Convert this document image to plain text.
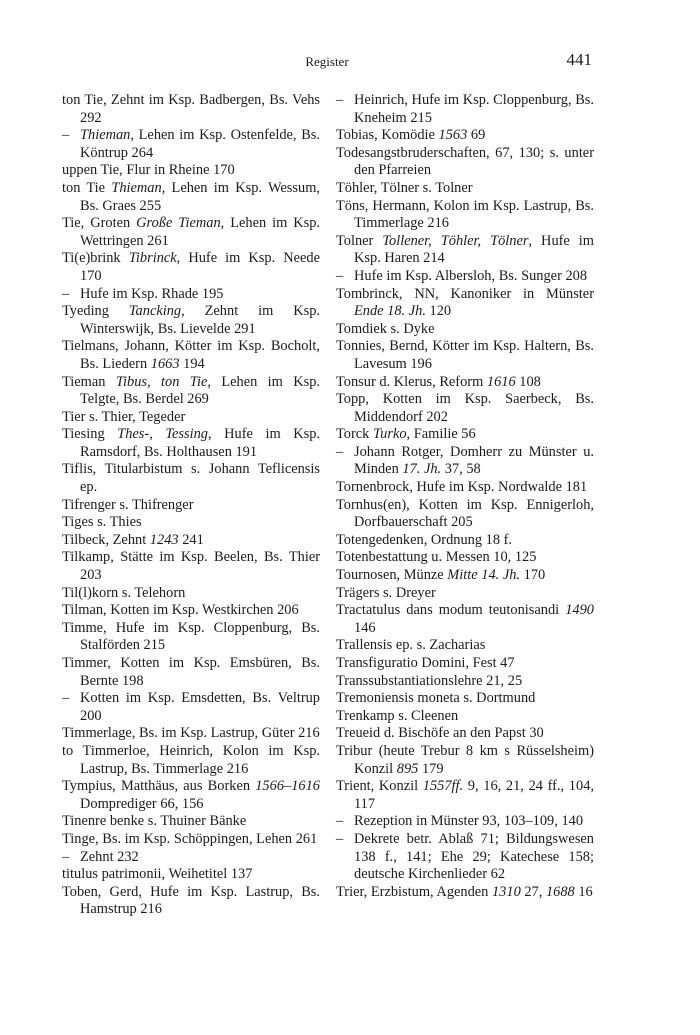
Register	441

ton Tie, Zehnt im Ksp. Badbergen, Bs. Vehs 292

– Thieman, Lehen im Ksp. Ostenfelde, Bs. Köntrup 264

uppen Tie, Flur in Rheine 170

ton Tie Thieman, Lehen im Ksp. Wessum, Bs. Graes 255

Tie, Groten Große Tieman, Lehen im Ksp. Wettringen 261

Ti(e)brink Tibrinck, Hufe im Ksp. Neede 170

– Hufe im Ksp. Rhade 195

Tyeding Tancking, Zehnt im Ksp. Winterswijk, Bs. Lievelde 291

Tielmans, Johann, Kötter im Ksp. Bocholt, Bs. Liedern 1663 194

Tieman Tibus, ton Tie, Lehen im Ksp. Telgte, Bs. Berdel 269

Tier s. Thier, Tegeder

Tiesing Thes-, Tessing, Hufe im Ksp. Ramsdorf, Bs. Holthausen 191

Tiflis, Titularbistum s. Johann Teflicensis ep.

Tifrenger s. Thifrenger

Tiges s. Thies

Tilbeck, Zehnt 1243 241

Tilkamp, Stätte im Ksp. Beelen, Bs. Thier 203

Til(l)korn s. Telehorn

Tilman, Kotten im Ksp. Westkirchen 206

Timme, Hufe im Ksp. Cloppenburg, Bs. Stalförden 215

Timmer, Kotten im Ksp. Emsbüren, Bs. Bernte 198

– Kotten im Ksp. Emsdetten, Bs. Veltrup 200

Timmerlage, Bs. im Ksp. Lastrup, Güter 216

to Timmerloe, Heinrich, Kolon im Ksp. Lastrup, Bs. Timmerlage 216

Tympius, Matthäus, aus Borken 1566–1616 Domprediger 66, 156

Tinenre benke s. Thuiner Bänke

Tinge, Bs. im Ksp. Schöppingen, Lehen 261

– Zehnt 232

titulus patrimonii, Weihetitel 137

Toben, Gerd, Hufe im Ksp. Lastrup, Bs. Hamstrup 216

– Heinrich, Hufe im Ksp. Cloppenburg, Bs. Kneheim 215

Tobias, Komödie 1563 69

Todesangstbruderschaften, 67, 130; s. unter den Pfarreien

Töhler, Tölner s. Tolner

Töns, Hermann, Kolon im Ksp. Lastrup, Bs. Timmerlage 216

Tolner Tollener, Töhler, Tölner, Hufe im Ksp. Haren 214

– Hufe im Ksp. Albersloh, Bs. Sunger 208

Tombrinck, NN, Kanoniker in Münster Ende 18. Jh. 120

Tomdiek s. Dyke

Tonnies, Bernd, Kötter im Ksp. Haltern, Bs. Lavesum 196

Tonsur d. Klerus, Reform 1616 108

Topp, Kotten im Ksp. Saerbeck, Bs. Middendorf 202

Torck Turko, Familie 56

– Johann Rotger, Domherr zu Münster u. Minden 17. Jh. 37, 58

Tornenbrock, Hufe im Ksp. Nordwalde 181

Tornhus(en), Kotten im Ksp. Ennigerloh, Dorfbauerschaft 205

Totengedenken, Ordnung 18 f.

Totenbestattung u. Messen 10, 125

Tournosen, Münze Mitte 14. Jh. 170

Trägers s. Dreyer

Tractatulus dans modum teutonisandi 1490 146

Trallensis ep. s. Zacharias

Transfiguratio Domini, Fest 47

Transsubstantiationslehre 21, 25

Tremoniensis moneta s. Dortmund

Trenkamp s. Cleenen

Treueid d. Bischöfe an den Papst 30

Tribur (heute Trebur 8 km s Rüsselsheim) Konzil 895 179

Trient, Konzil 1557ff. 9, 16, 21, 24 ff., 104, 117

– Rezeption in Münster 93, 103–109, 140

– Dekrete betr. Ablaß 71; Bildungswesen 138 f., 141; Ehe 29; Katechese 158; deutsche Kirchenlieder 62

Trier, Erzbistum, Agenden 1310 27, 1688 16
